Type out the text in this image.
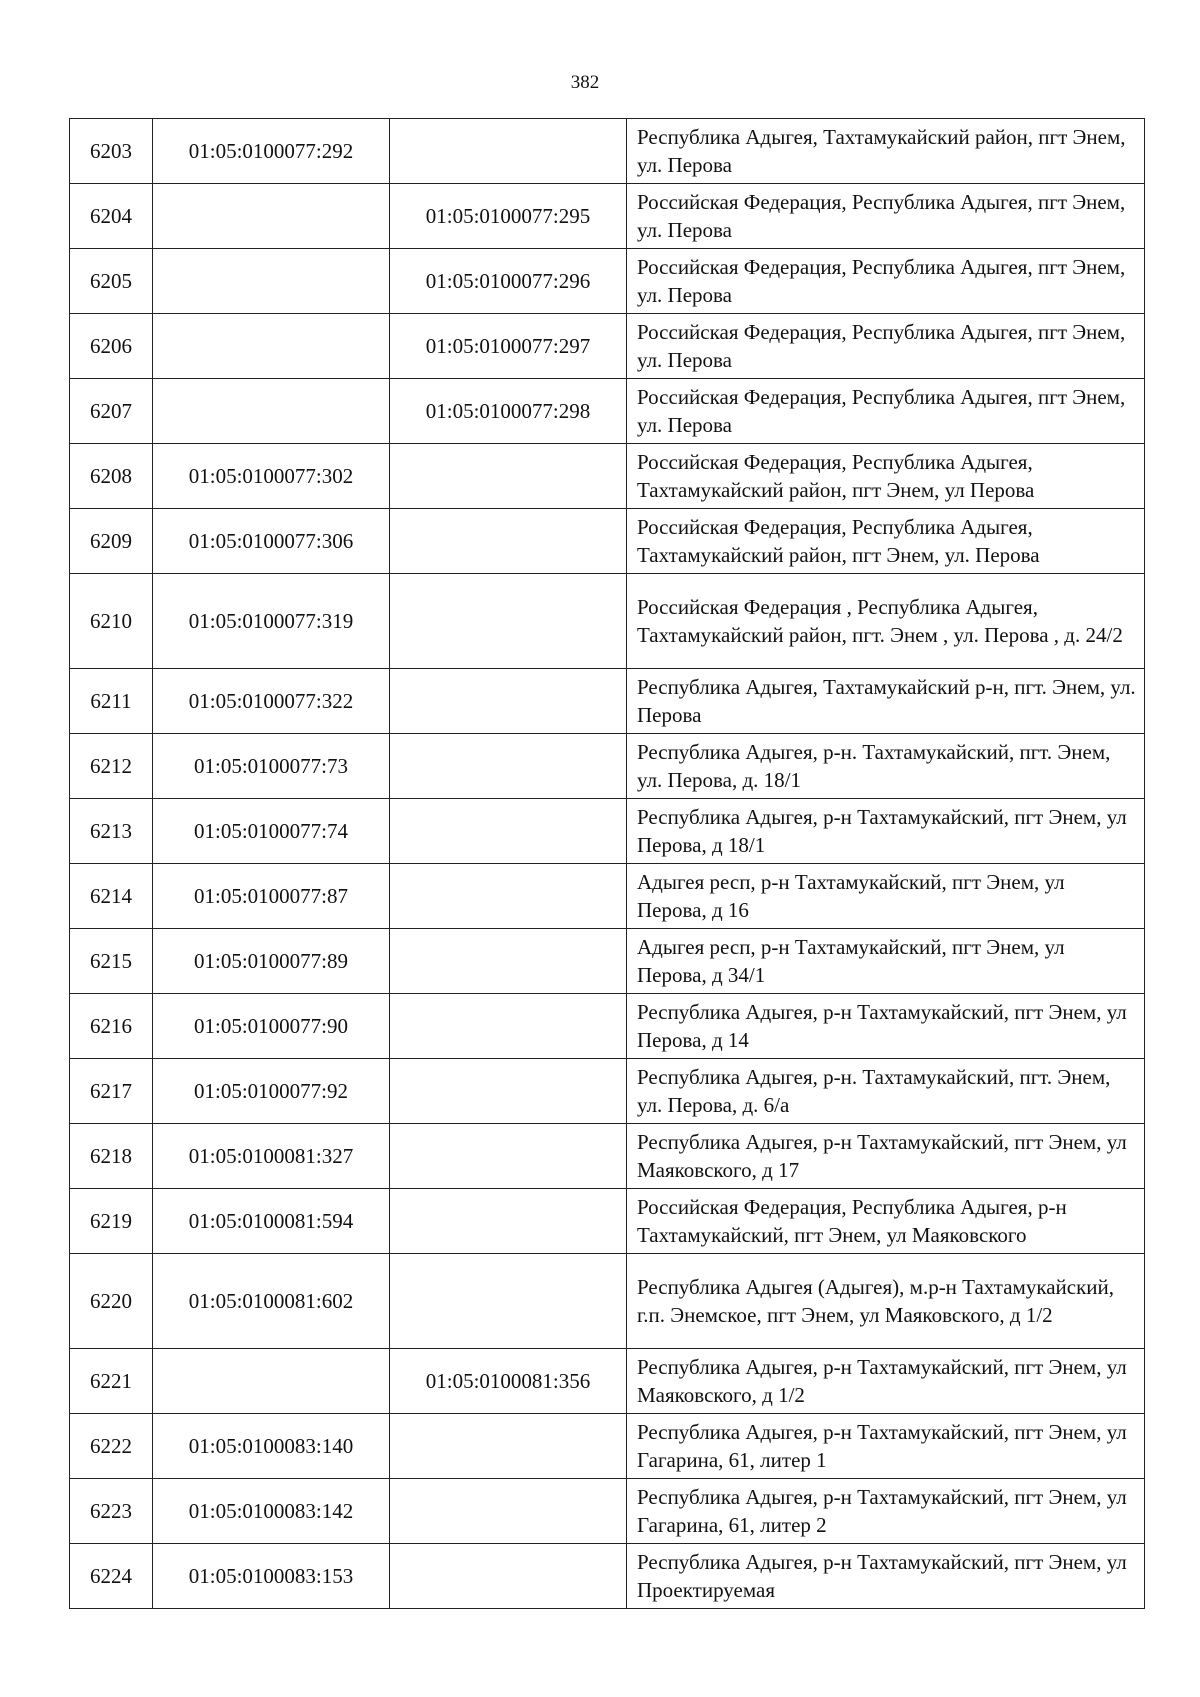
382
6203	01:05:0100077:292		Республика Адыгея, Тахтамукайский район, пгт Энем, ул. Перова
6204		01:05:0100077:295	Российская Федерация, Республика Адыгея, пгт Энем, ул. Перова
6205		01:05:0100077:296	Российская Федерация, Республика Адыгея, пгт Энем, ул. Перова
6206		01:05:0100077:297	Российская Федерация, Республика Адыгея, пгт Энем, ул. Перова
6207		01:05:0100077:298	Российская Федерация, Республика Адыгея, пгт Энем, ул. Перова
6208	01:05:0100077:302		Российская Федерация, Республика Адыгея, Тахтамукайский район, пгт Энем, ул Перова
6209	01:05:0100077:306		Российская Федерация, Республика Адыгея, Тахтамукайский район, пгт Энем, ул. Перова
6210	01:05:0100077:319		Российская Федерация , Республика Адыгея, Тахтамукайский район, пгт. Энем , ул. Перова , д. 24/2
6211	01:05:0100077:322		Республика Адыгея, Тахтамукайский р-н, пгт. Энем, ул. Перова
6212	01:05:0100077:73		Республика Адыгея, р-н. Тахтамукайский, пгт. Энем, ул. Перова, д. 18/1
6213	01:05:0100077:74		Республика Адыгея, р-н Тахтамукайский, пгт Энем, ул Перова, д 18/1
6214	01:05:0100077:87		Адыгея респ, р-н Тахтамукайский, пгт Энем, ул Перова, д 16
6215	01:05:0100077:89		Адыгея респ, р-н Тахтамукайский, пгт Энем, ул Перова, д 34/1
6216	01:05:0100077:90		Республика Адыгея, р-н Тахтамукайский, пгт Энем, ул Перова, д 14
6217	01:05:0100077:92		Республика Адыгея, р-н. Тахтамукайский, пгт. Энем, ул. Перова, д. 6/а
6218	01:05:0100081:327		Республика Адыгея, р-н Тахтамукайский, пгт Энем, ул Маяковского, д 17
6219	01:05:0100081:594		Российская Федерация, Республика Адыгея, р-н Тахтамукайский, пгт Энем, ул Маяковского
6220	01:05:0100081:602		Республика Адыгея (Адыгея), м.р-н Тахтамукайский, г.п. Энемское, пгт Энем, ул Маяковского, д 1/2
6221		01:05:0100081:356	Республика Адыгея, р-н Тахтамукайский, пгт Энем, ул Маяковского, д 1/2
6222	01:05:0100083:140		Республика Адыгея, р-н Тахтамукайский, пгт Энем, ул Гагарина, 61, литер 1
6223	01:05:0100083:142		Республика Адыгея, р-н Тахтамукайский, пгт Энем, ул Гагарина, 61, литер 2
6224	01:05:0100083:153		Республика Адыгея, р-н Тахтамукайский, пгт Энем, ул Проектируемая
